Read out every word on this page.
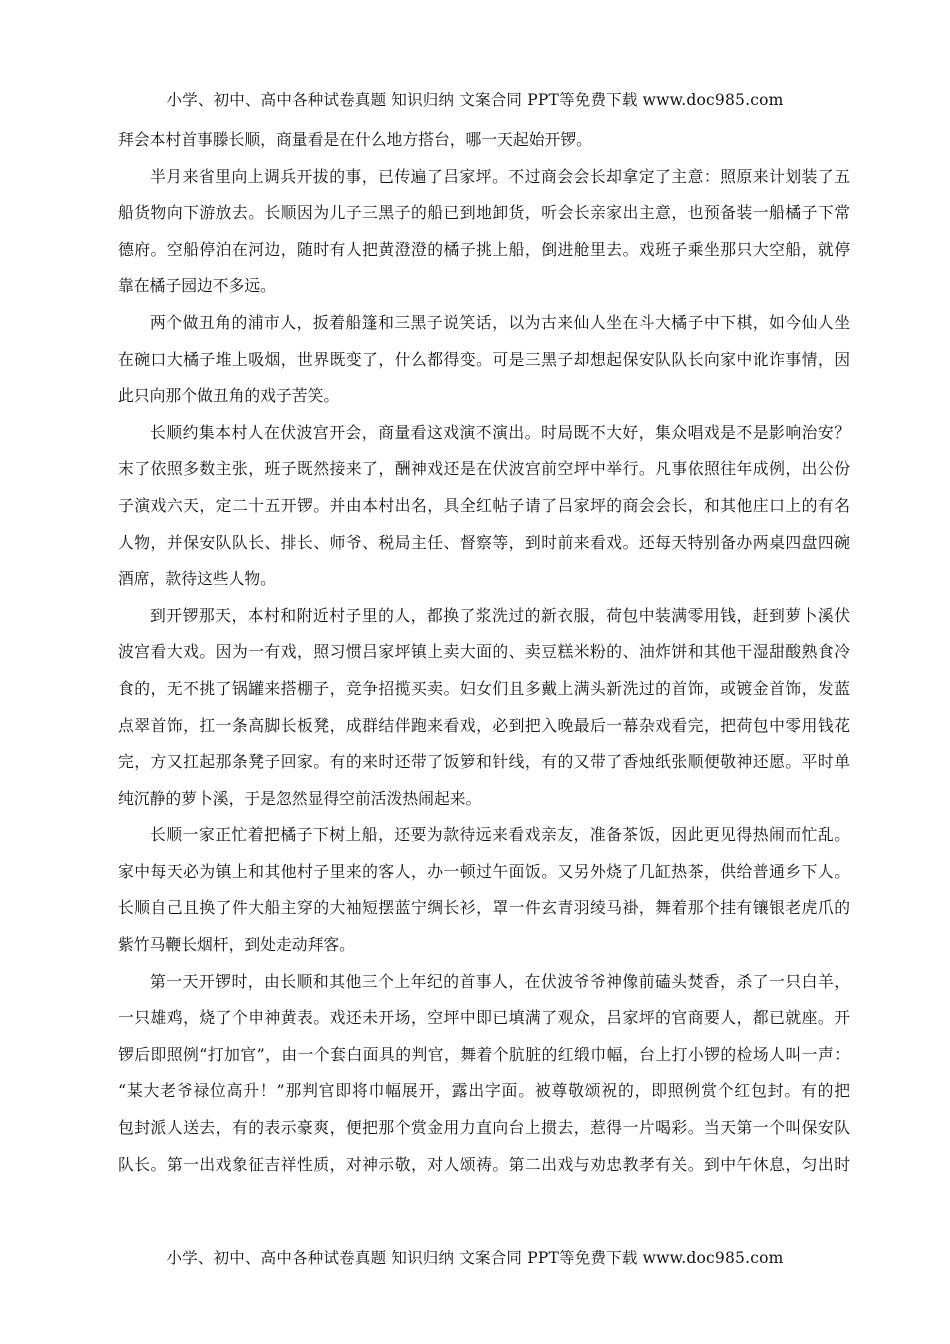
小学、初中、高中各种试卷真题 知识归纳 文案合同 PPT等免费下载 www.doc985.com
拜会本村首事滕长顺，商量看是在什么地方搭台，哪一天起始开锣。
半月来省里向上调兵开拔的事，已传遍了吕家坪。不过商会会长却拿定了主意：照原来计划装了五
船货物向下游放去。长顺因为儿子三黑子的船已到地卸货，听会长亲家出主意，也预备装一船橘子下常
德府。空船停泊在河边，随时有人把黄澄澄的橘子挑上船，倒进舱里去。戏班子乘坐那只大空船，就停
靠在橘子园边不多远。
两个做丑角的浦市人，扳着船篷和三黑子说笑话，以为古来仙人坐在斗大橘子中下棋，如今仙人坐
在碗口大橘子堆上吸烟，世界既变了，什么都得变。可是三黑子却想起保安队队长向家中讹诈事情，因
此只向那个做丑角的戏子苦笑。
长顺约集本村人在伏波宫开会，商量看这戏演不演出。时局既不大好，集众唱戏是不是影响治安？
末了依照多数主张，班子既然接来了，酬神戏还是在伏波宫前空坪中举行。凡事依照往年成例，出公份
子演戏六天，定二十五开锣。并由本村出名，具全红帖子请了吕家坪的商会会长，和其他庄口上的有名
人物，并保安队队长、排长、师爷、税局主任、督察等，到时前来看戏。还每天特别备办两桌四盘四碗
酒席，款待这些人物。
到开锣那天，本村和附近村子里的人，都换了浆洗过的新衣服，荷包中装满零用钱，赶到萝卜溪伏
波宫看大戏。因为一有戏，照习惯吕家坪镇上卖大面的、卖豆糕米粉的、油炸饼和其他干湿甜酸熟食冷
食的，无不挑了锅罐来搭棚子，竞争招揽买卖。妇女们且多戴上满头新洗过的首饰，或镀金首饰，发蓝
点翠首饰，扛一条高脚长板凳，成群结伴跑来看戏，必到把入晚最后一幕杂戏看完，把荷包中零用钱花
完，方又扛起那条凳子回家。有的来时还带了饭箩和针线，有的又带了香烛纸张顺便敬神还愿。平时单
纯沉静的萝卜溪，于是忽然显得空前活泼热闹起来。
长顺一家正忙着把橘子下树上船，还要为款待远来看戏亲友，准备茶饭，因此更见得热闹而忙乱。
家中每天必为镇上和其他村子里来的客人，办一顿过午面饭。又另外烧了几缸热茶，供给普通乡下人。
长顺自己且换了件大船主穿的大袖短摆蓝宁绸长衫，罩一件玄青羽绫马褂，舞着那个挂有镶银老虎爪的
紫竹马鞭长烟杆，到处走动拜客。
第一天开锣时，由长顺和其他三个上年纪的首事人，在伏波爷爷神像前磕头焚香，杀了一只白羊，
一只雄鸡，烧了个申神黄表。戏还未开场，空坪中即已填满了观众，吕家坪的官商要人，都已就座。开
锣后即照例“打加官”，由一个套白面具的判官，舞着个肮脏的红缎巾幅，台上打小锣的检场人叫一声：
“某大老爷禄位高升！”那判官即将巾幅展开，露出字面。被尊敬颂祝的，即照例赏个红包封。有的把
包封派人送去，有的表示豪爽，便把那个赏金用力直向台上掼去，惹得一片喝彩。当天第一个叫保安队
队长。第一出戏象征吉祥性质，对神示敬，对人颂祷。第二出戏与劝忠教孝有关。到中午休息，匀出时
小学、初中、高中各种试卷真题 知识归纳 文案合同 PPT等免费下载 www.doc985.com
